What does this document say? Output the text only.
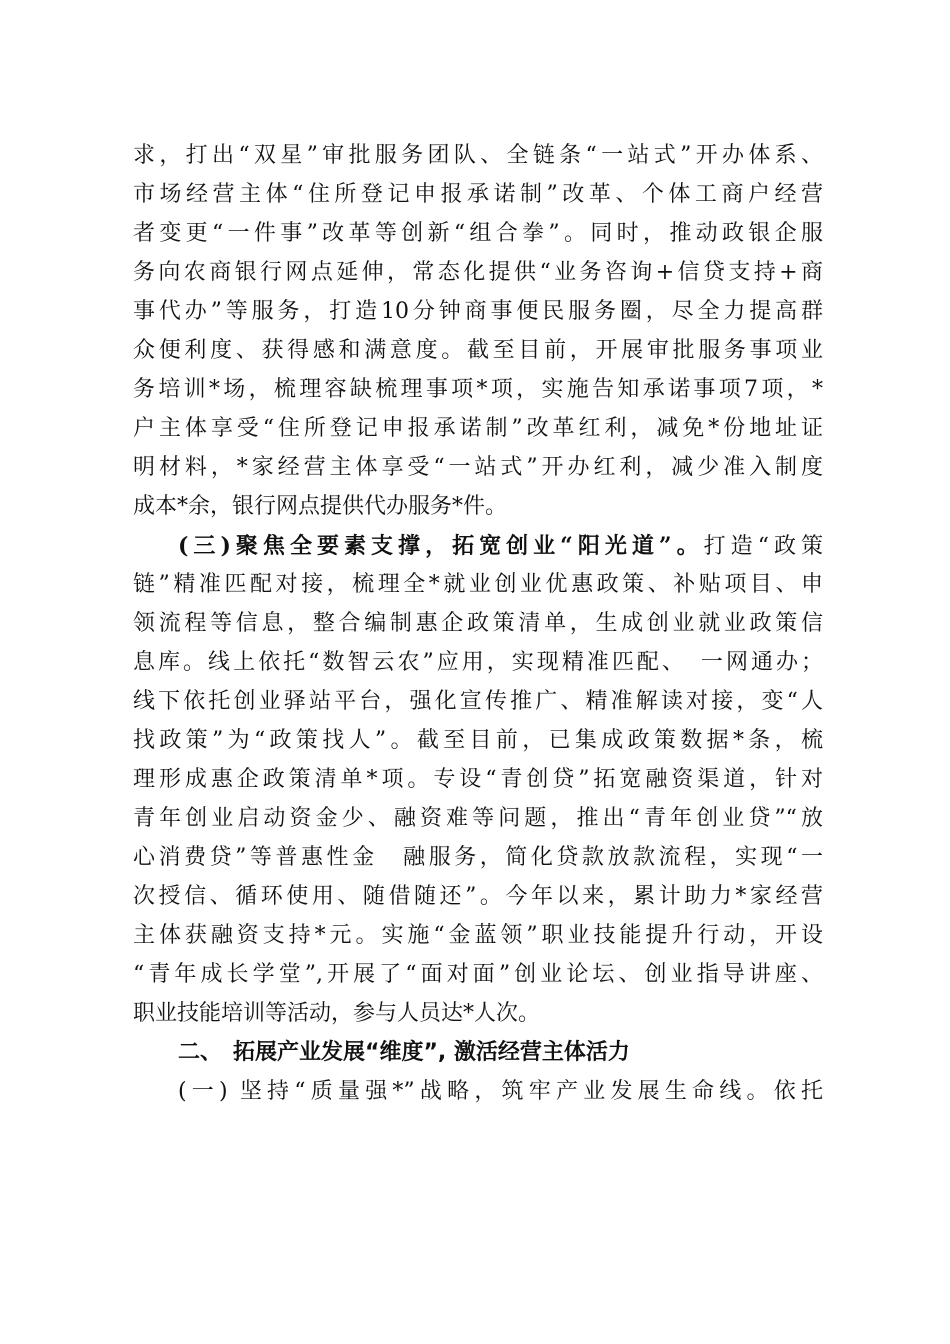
求，打出“双星”审批服务团队、全链条“一站式”开办体系、
市场经营主体“住所登记申报承诺制”改革、个体工商户经营
者变更“一件事”改革等创新“组合拳”。同时，推动政银企服
务向农商银行网点延伸，常态化提供“业务咨询+信贷支持+商
事代办”等服务，打造10分钟商事便民服务圈，尽全力提高群
众便利度、获得感和满意度。截至目前，开展审批服务事项业
务培训*场，梳理容缺梳理事项*项，实施告知承诺事项7项，*
户主体享受“住所登记申报承诺制”改革红利，减免*份地址证
明材料，*家经营主体享受“一站式”开办红利，减少准入制度
成本*余，银行网点提供代办服务*件。
(三)聚焦全要素支撑，拓宽创业“阳光道”。打造“政策
链”精准匹配对接，梳理全*就业创业优惠政策、补贴项目、申
领流程等信息，整合编制惠企政策清单，生成创业就业政策信
息库。线上依托“数智云农”应用，实现精准匹配、　一网通办；
线下依托创业驿站平台，强化宣传推广、精准解读对接，变“人
找政策”为“政策找人”。截至目前，已集成政策数据*条，梳
理形成惠企政策清单*项。专设“青创贷”拓宽融资渠道，针对
青年创业启动资金少、融资难等问题，推出“青年创业贷”“放
心消费贷”等普惠性金　融服务，简化贷款放款流程，实现“一
次授信、循环使用、随借随还”。今年以来，累计助力*家经营
主体获融资支持*元。实施“金蓝领”职业技能提升行动，开设
“青年成长学堂”,开展了“面对面”创业论坛、创业指导讲座、
职业技能培训等活动，参与人员达*人次。
二、　拓展产业发展“维度”, 激活经营主体活力
(一) 坚持“质量强*”战略，筑牢产业发展生命线。依托
